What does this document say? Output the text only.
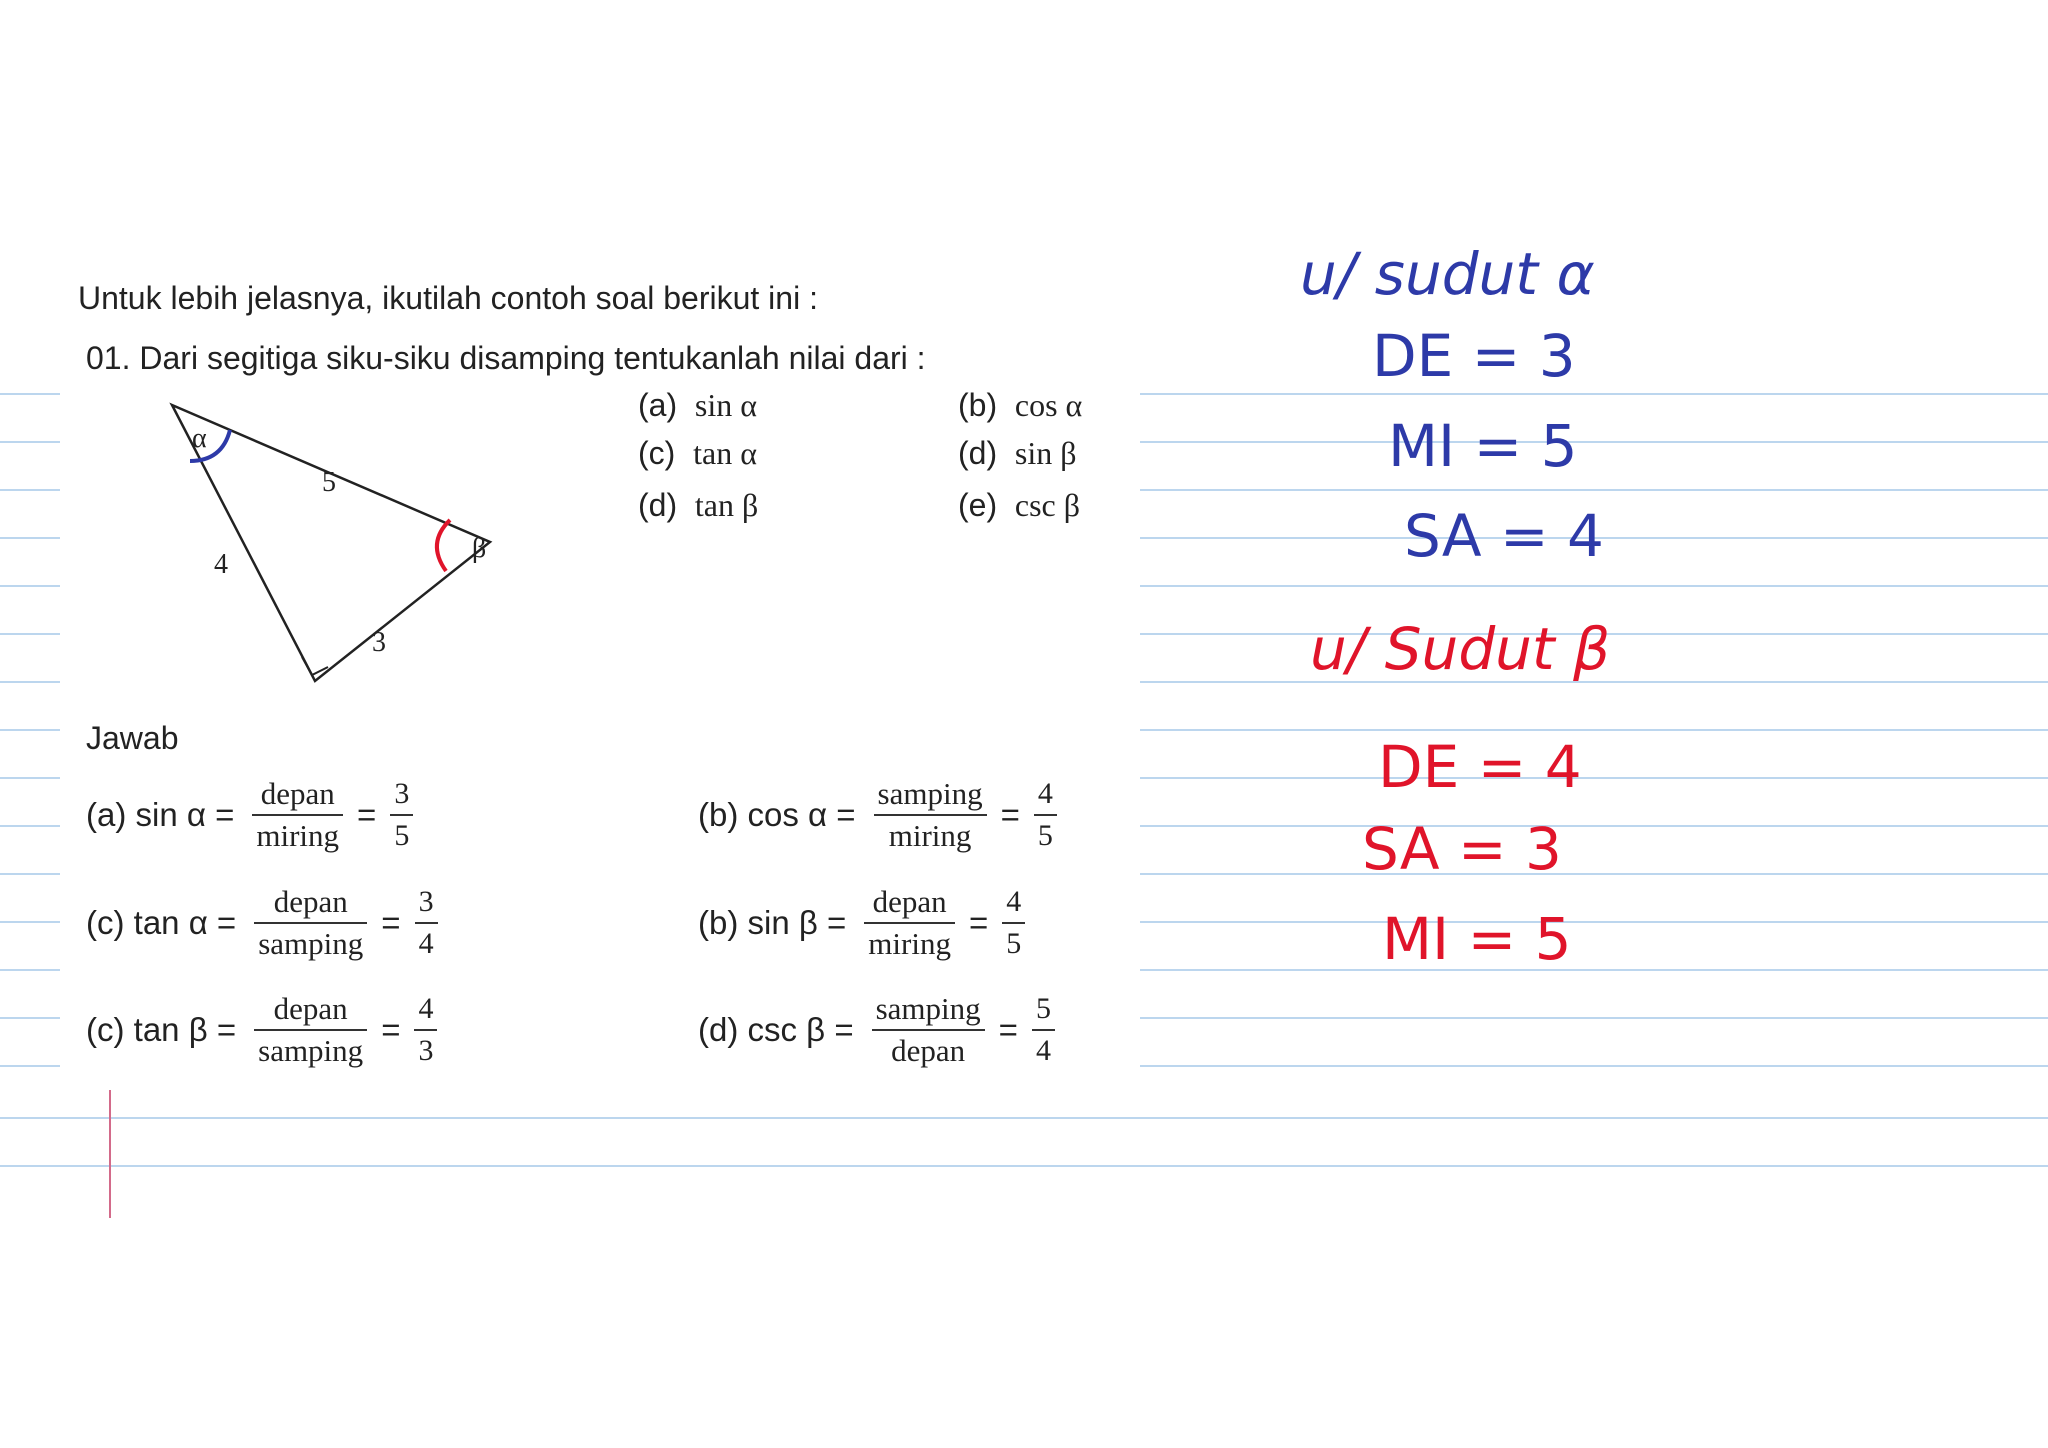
Untuk lebih jelasnya, ikutilah contoh soal berikut ini :
01. Dari segitiga siku-siku disamping tentukanlah nilai dari :
(a) sin α	(b) cos α
(c) tan α	(d) sin β
(d) tan β	(e) csc β
α
β
5
4
3
Jawab
(a) $\sin \alpha = \frac{\text{depan}}{\text{miring}} = \frac{3}{5}$	(b) $\cos \alpha = \frac{\text{samping}}{\text{miring}} = \frac{4}{5}$
(c) $\tan \alpha = \frac{\text{depan}}{\text{samping}} = \frac{3}{4}$	(b) $\sin \beta = \frac{\text{depan}}{\text{miring}} = \frac{4}{5}$
(c) $\tan \beta = \frac{\text{depan}}{\text{samping}} = \frac{4}{3}$	(d) $\csc \beta = \frac{\text{samping}}{\text{depan}} = \frac{5}{4}$
u/ sudut α
DE = 3
MI = 5
SA = 4
u/ Sudut β
DE = 4
SA = 3
MI = 5
